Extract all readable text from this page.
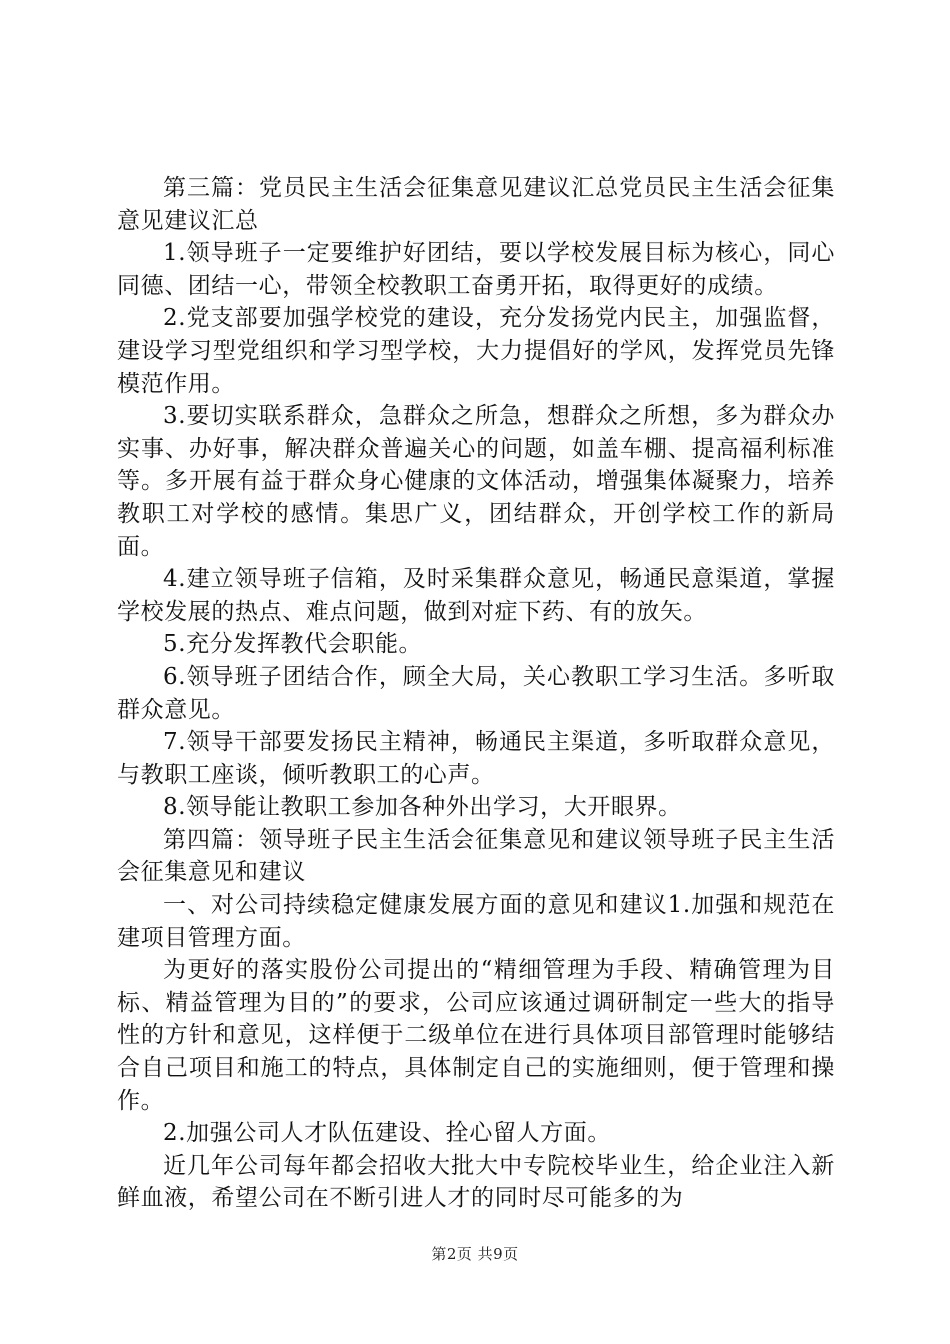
第三篇：党员民主生活会征集意见建议汇总党员民主生活会征集意见建议汇总

1.领导班子一定要维护好团结，要以学校发展目标为核心，同心同德、团结一心，带领全校教职工奋勇开拓，取得更好的成绩。

2.党支部要加强学校党的建设，充分发扬党内民主，加强监督，建设学习型党组织和学习型学校，大力提倡好的学风，发挥党员先锋模范作用。

3.要切实联系群众，急群众之所急，想群众之所想，多为群众办实事、办好事，解决群众普遍关心的问题，如盖车棚、提高福利标准等。多开展有益于群众身心健康的文体活动，增强集体凝聚力，培养教职工对学校的感情。集思广义，团结群众，开创学校工作的新局面。

4.建立领导班子信箱，及时采集群众意见，畅通民意渠道，掌握学校发展的热点、难点问题，做到对症下药、有的放矢。

5.充分发挥教代会职能。

6.领导班子团结合作，顾全大局，关心教职工学习生活。多听取群众意见。

7.领导干部要发扬民主精神，畅通民主渠道，多听取群众意见，与教职工座谈，倾听教职工的心声。

8.领导能让教职工参加各种外出学习，大开眼界。

第四篇：领导班子民主生活会征集意见和建议领导班子民主生活会征集意见和建议

一、对公司持续稳定健康发展方面的意见和建议1.加强和规范在建项目管理方面。

为更好的落实股份公司提出的“精细管理为手段、精确管理为目标、精益管理为目的”的要求，公司应该通过调研制定一些大的指导性的方针和意见，这样便于二级单位在进行具体项目部管理时能够结合自己项目和施工的特点，具体制定自己的实施细则，便于管理和操作。

2.加强公司人才队伍建设、拴心留人方面。

近几年公司每年都会招收大批大中专院校毕业生，给企业注入新鲜血液，希望公司在不断引进人才的同时尽可能多的为

第2页 共9页
